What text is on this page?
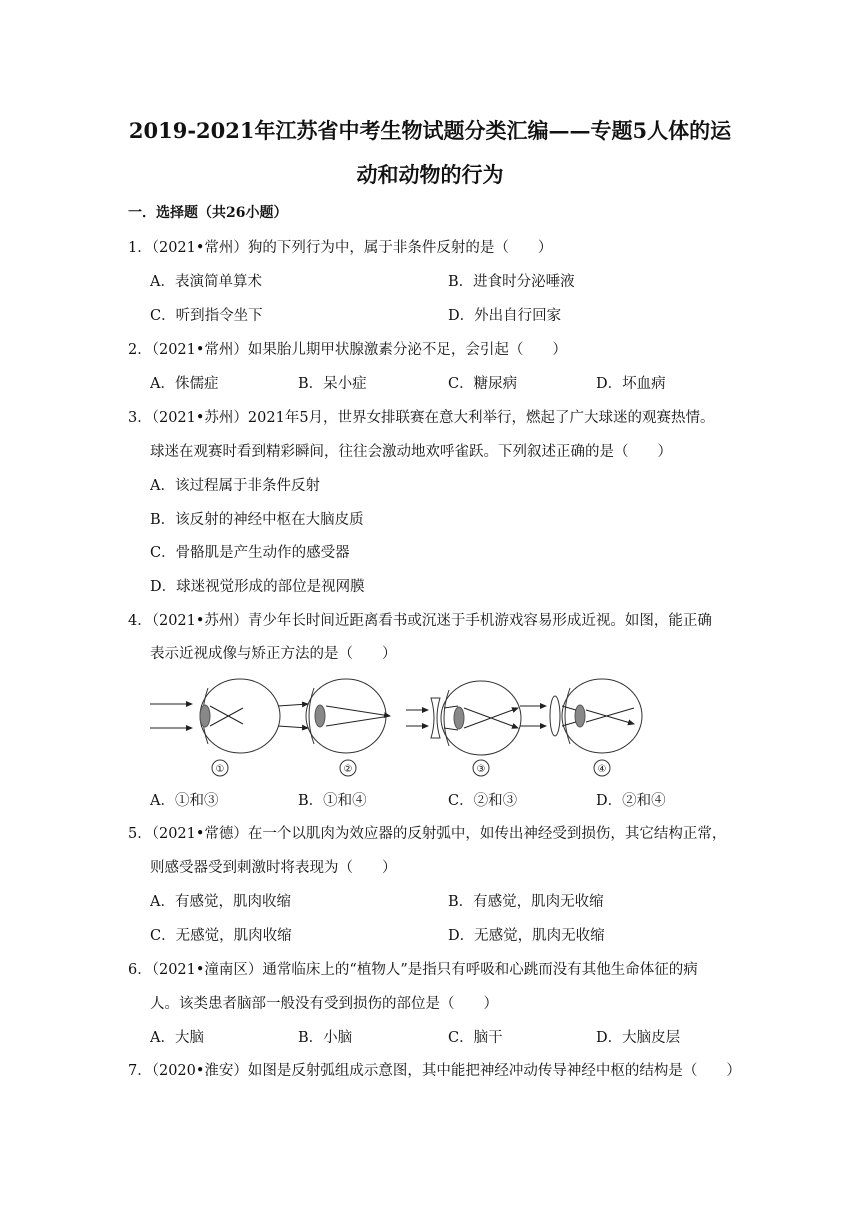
2019-2021年江苏省中考生物试题分类汇编——专题5人体的运
动和动物的行为
一．选择题（共26小题）
1．（2021•常州）狗的下列行为中，属于非条件反射的是（　　）
A．表演简单算术	B．进食时分泌唾液
C．听到指令坐下	D．外出自行回家
2．（2021•常州）如果胎儿期甲状腺激素分泌不足，会引起（　　）
A．侏儒症	B．呆小症	C．糖尿病	D．坏血病
3．（2021•苏州）2021年5月，世界女排联赛在意大利举行，燃起了广大球迷的观赛热情。
球迷在观赛时看到精彩瞬间，往往会激动地欢呼雀跃。下列叙述正确的是（　　）
A．该过程属于非条件反射
B．该反射的神经中枢在大脑皮质
C．骨骼肌是产生动作的感受器
D．球迷视觉形成的部位是视网膜
4．（2021•苏州）青少年长时间近距离看书或沉迷于手机游戏容易形成近视。如图，能正确
表示近视成像与矫正方法的是（　　）
①	②	③	④
A．①和③	B．①和④	C．②和③	D．②和④
5．（2021•常德）在一个以肌肉为效应器的反射弧中，如传出神经受到损伤，其它结构正常，
则感受器受到刺激时将表现为（　　）
A．有感觉，肌肉收缩	B．有感觉，肌肉无收缩
C．无感觉，肌肉收缩	D．无感觉，肌肉无收缩
6．（2021•潼南区）通常临床上的“植物人”是指只有呼吸和心跳而没有其他生命体征的病
人。该类患者脑部一般没有受到损伤的部位是（　　）
A．大脑	B．小脑	C．脑干	D．大脑皮层
7．（2020•淮安）如图是反射弧组成示意图，其中能把神经冲动传导神经中枢的结构是（　　）
